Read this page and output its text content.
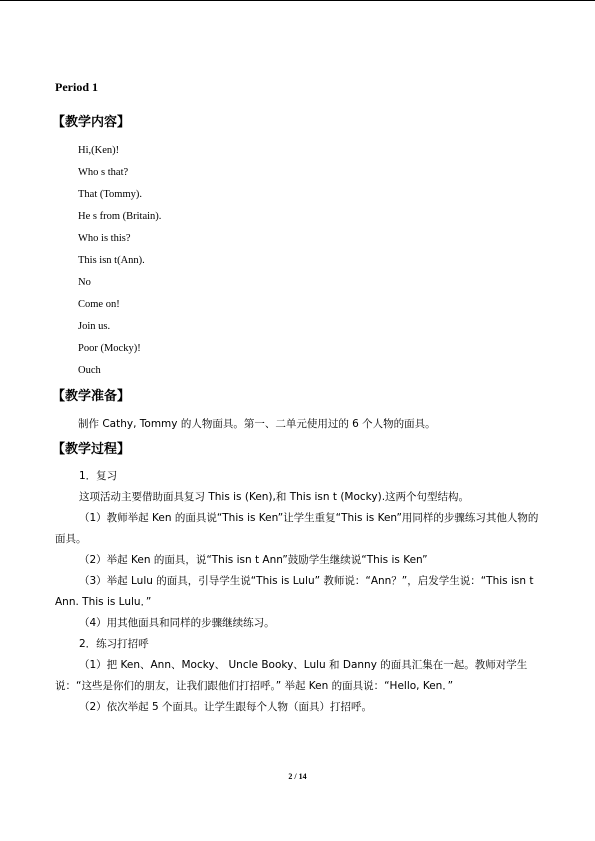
Period 1
【教学内容】
Hi,(Ken)!
Who s that?
That (Tommy).
He s from (Britain).
Who is this?
This isn t(Ann).
No
Come on!
Join us.
Poor (Mocky)!
Ouch
【教学准备】
制作 Cathy, Tommy 的人物面具。第一、二单元使用过的 6 个人物的面具。
【教学过程】
1．复习
这项活动主要借助面具复习 This is (Ken),和 This isn t (Mocky).这两个句型结构。
（1）教师举起 Ken 的面具说“This is Ken”让学生重复“This is Ken”用同样的步骤练习其他人物的面具。
（2）举起 Ken 的面具，说“This isn t Ann”鼓励学生继续说“This is Ken”
（3）举起 Lulu 的面具，引导学生说“This is Lulu” 教师说：“Ann？”，启发学生说：“This isn t Ann. This is Lulu．”
（4）用其他面具和同样的步骤继续练习。
2．练习打招呼
（1）把 Ken、Ann、Mocky、 Uncle Booky、Lulu 和 Danny 的面具汇集在一起。教师对学生说：“这些是你们的朋友，让我们跟他们打招呼。” 举起 Ken 的面具说：“Hello, Ken．”
（2）依次举起 5 个面具。让学生跟每个人物（面具）打招呼。
2 / 14
